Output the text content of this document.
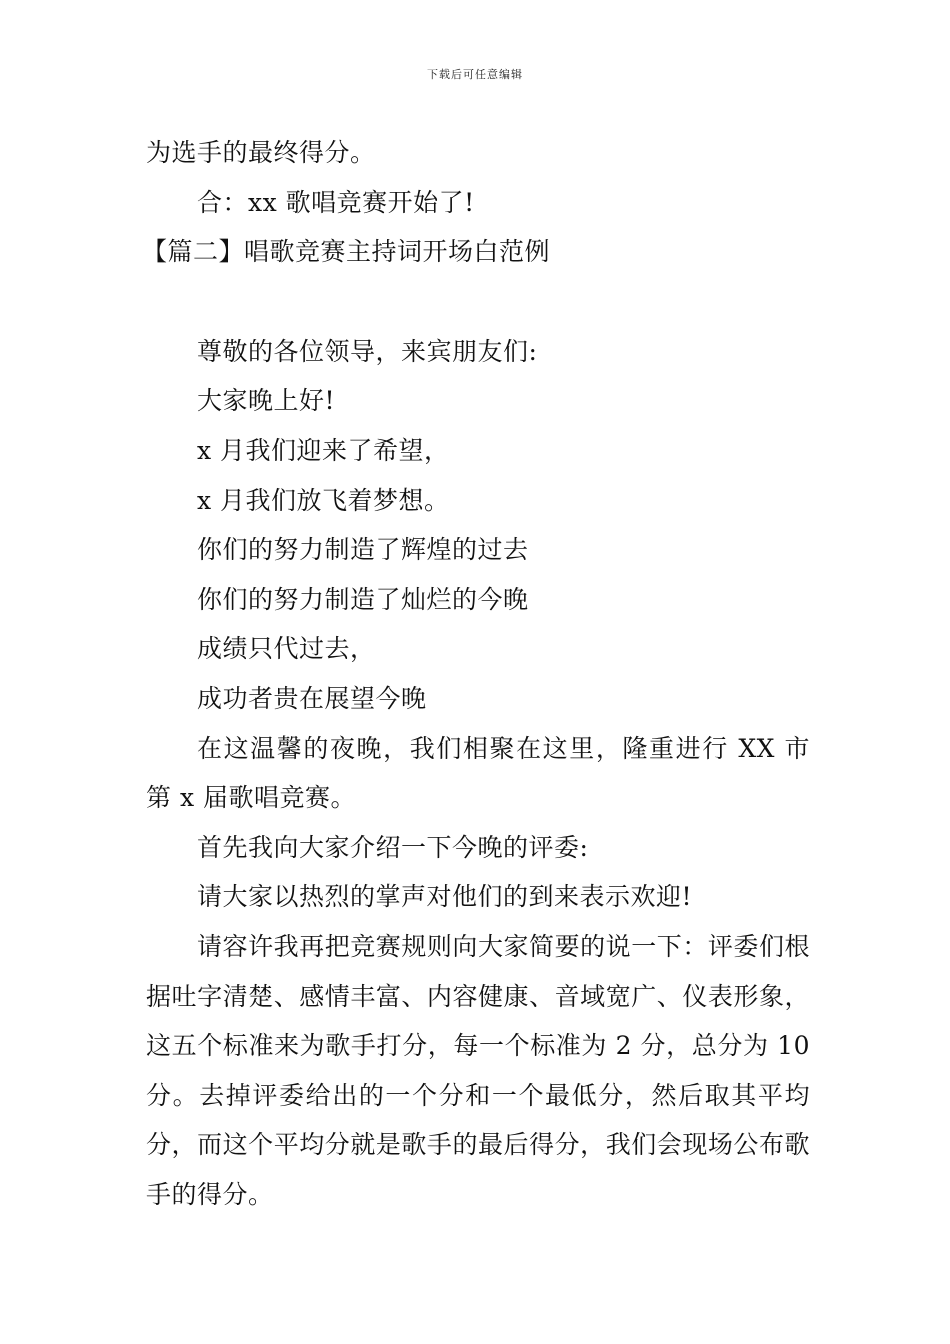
下载后可任意编辑
为选手的最终得分。
合：xx 歌唱竞赛开始了!
【篇二】唱歌竞赛主持词开场白范例
尊敬的各位领导，来宾朋友们:
大家晚上好!
x 月我们迎来了希望，
x 月我们放飞着梦想。
你们的努力制造了辉煌的过去
你们的努力制造了灿烂的今晚
成绩只代过去，
成功者贵在展望今晚
在这温馨的夜晚，我们相聚在这里，隆重进行 XX 市第 x 届歌唱竞赛。
首先我向大家介绍一下今晚的评委:
请大家以热烈的掌声对他们的到来表示欢迎!
请容许我再把竞赛规则向大家简要的说一下：评委们根据吐字清楚、感情丰富、内容健康、音域宽广、仪表形象，这五个标准来为歌手打分，每一个标准为 2 分，总分为 10 分。去掉评委给出的一个分和一个最低分，然后取其平均分，而这个平均分就是歌手的最后得分，我们会现场公布歌手的得分。
